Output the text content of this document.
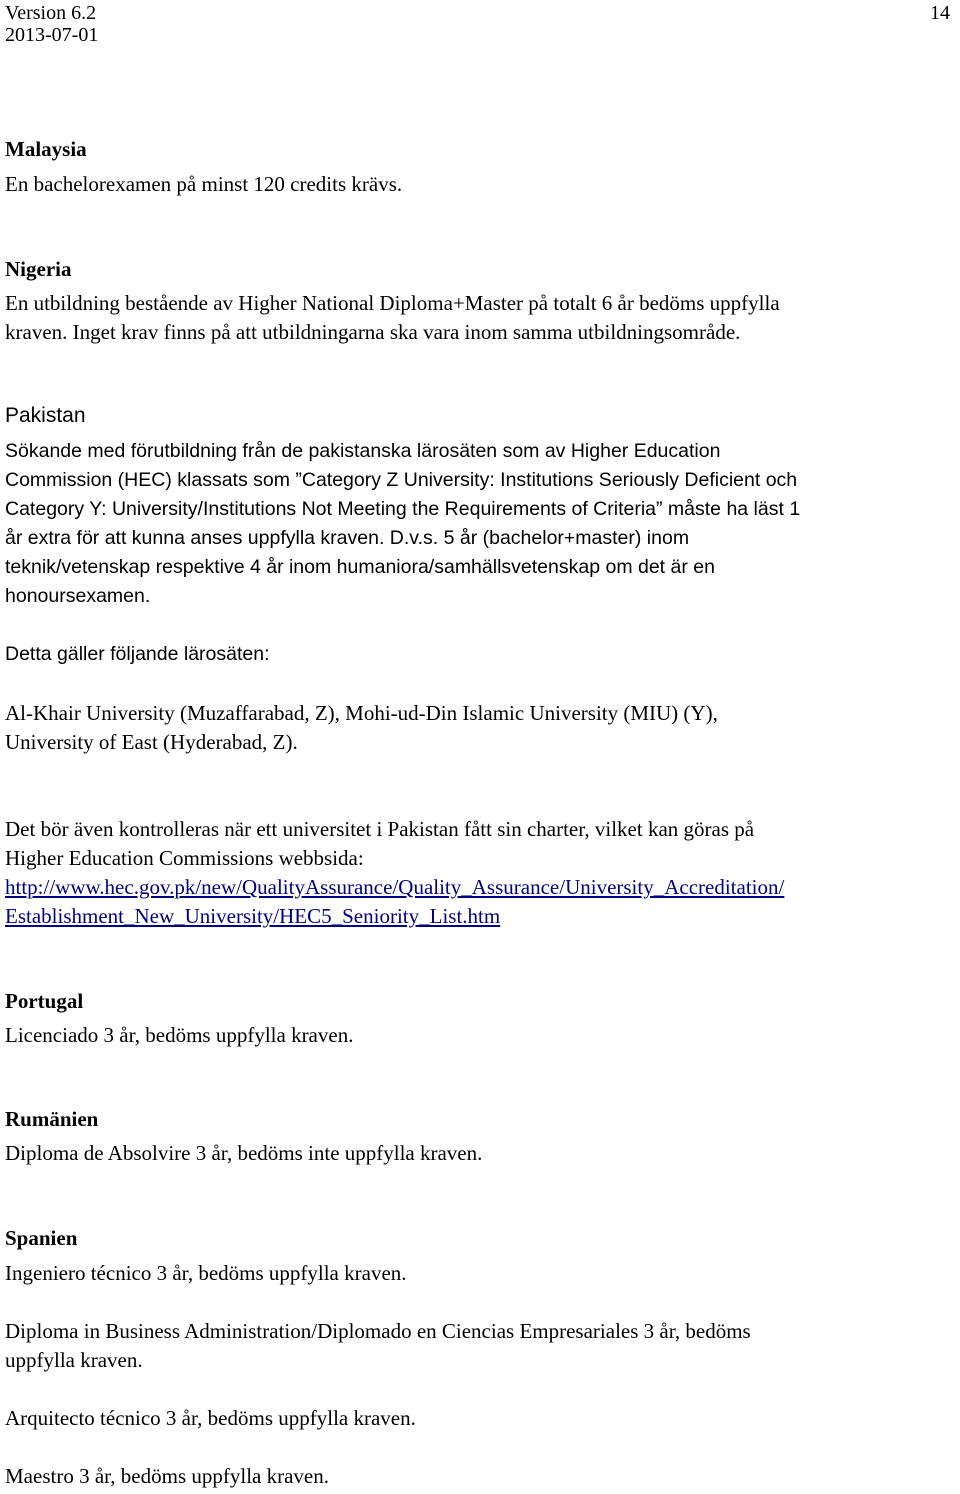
Version 6.2

2013-07-01

14

Malaysia

En bachelorexamen på minst 120 credits krävs.

Nigeria

En utbildning bestående av Higher National Diploma+Master på totalt 6 år bedöms uppfylla

kraven. Inget krav finns på att utbildningarna ska vara inom samma utbildningsområde.

Pakistan

Sökande med förutbildning från de pakistanska lärosäten som av Higher Education

Commission (HEC) klassats som ”Category Z University: Institutions Seriously Deficient och

Category Y: University/Institutions Not Meeting the Requirements of Criteria” måste ha läst 1

år extra för att kunna anses uppfylla kraven. D.v.s. 5 år (bachelor+master) inom

teknik/vetenskap respektive 4 år inom humaniora/samhällsvetenskap om det är en

honoursexamen.

Detta gäller följande lärosäten:

Al-Khair University (Muzaffarabad, Z), Mohi-ud-Din Islamic University (MIU) (Y),

University of East (Hyderabad, Z).

Det bör även kontrolleras när ett universitet i Pakistan fått sin charter, vilket kan göras på

Higher Education Commissions webbsida:

http://www.hec.gov.pk/new/QualityAssurance/Quality_Assurance/University_Accreditation/

Establishment_New_University/HEC5_Seniority_List.htm

Portugal

Licenciado 3 år, bedöms uppfylla kraven.

Rumänien

Diploma de Absolvire 3 år, bedöms inte uppfylla kraven.

Spanien

Ingeniero técnico 3 år, bedöms uppfylla kraven.

Diploma in Business Administration/Diplomado en Ciencias Empresariales 3 år, bedöms

uppfylla kraven.

Arquitecto técnico 3 år, bedöms uppfylla kraven.

Maestro 3 år, bedöms uppfylla kraven.
